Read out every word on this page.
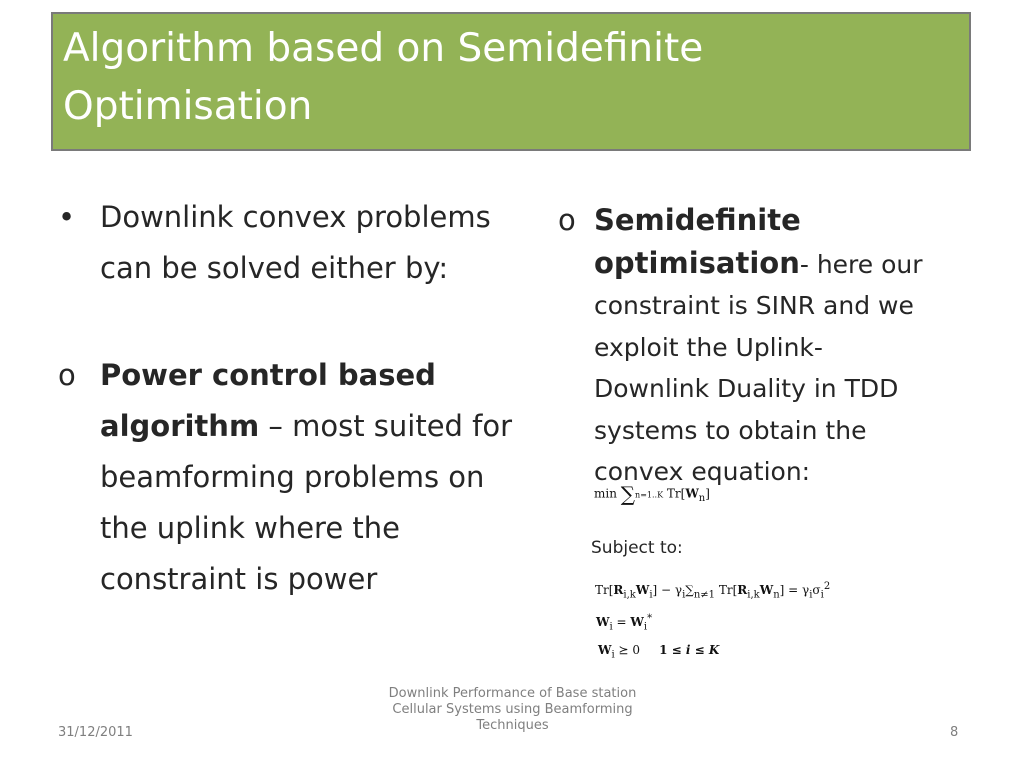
Algorithm based on Semidefinite
Optimisation
• Downlink convex problems
can be solved either by:
o Power control based
algorithm – most suited for
beamforming problems on
the uplink where the
constraint is power
o Semidefinite
optimisation- here our
constraint is SINR and we
exploit the Uplink-
Downlink Duality in TDD
systems to obtain the
convex equation:
min ∑n=1..K $Tr[W_n]$
Subject to:
$Tr[R_{i,k}W_i] - \gamma_i\sum_{n\ne 1}$ $Tr[R_{i,k}W_n] = \gamma_i\sigma_i^2$
$W_i = W_i^*$
$W_i$ ⪰ 0     1 ≤ i ≤ K
31/12/2011
Downlink Performance of Base station
Cellular Systems using Beamforming
Techniques	8
